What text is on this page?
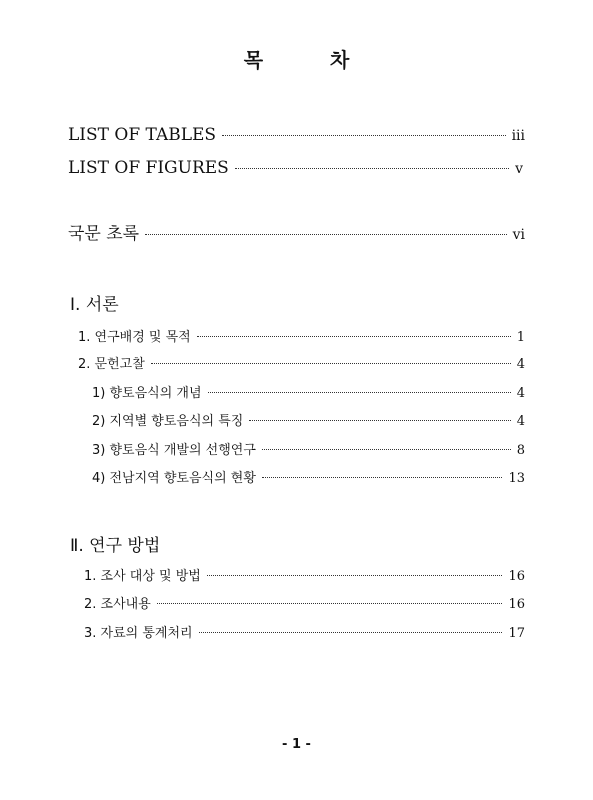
목 차
LIST OF TABLES	iii
LIST OF FIGURES	v
국문 초록	vi
Ⅰ. 서론
1. 연구배경 및 목적	1
2. 문헌고찰	4
1) 향토음식의 개념	4
2) 지역별 향토음식의 특징	4
3) 향토음식 개발의 선행연구	8
4) 전남지역 향토음식의 현황	13
Ⅱ. 연구 방법
1. 조사 대상 및 방법	16
2. 조사내용	16
3. 자료의 통계처리	17
- 1 -
